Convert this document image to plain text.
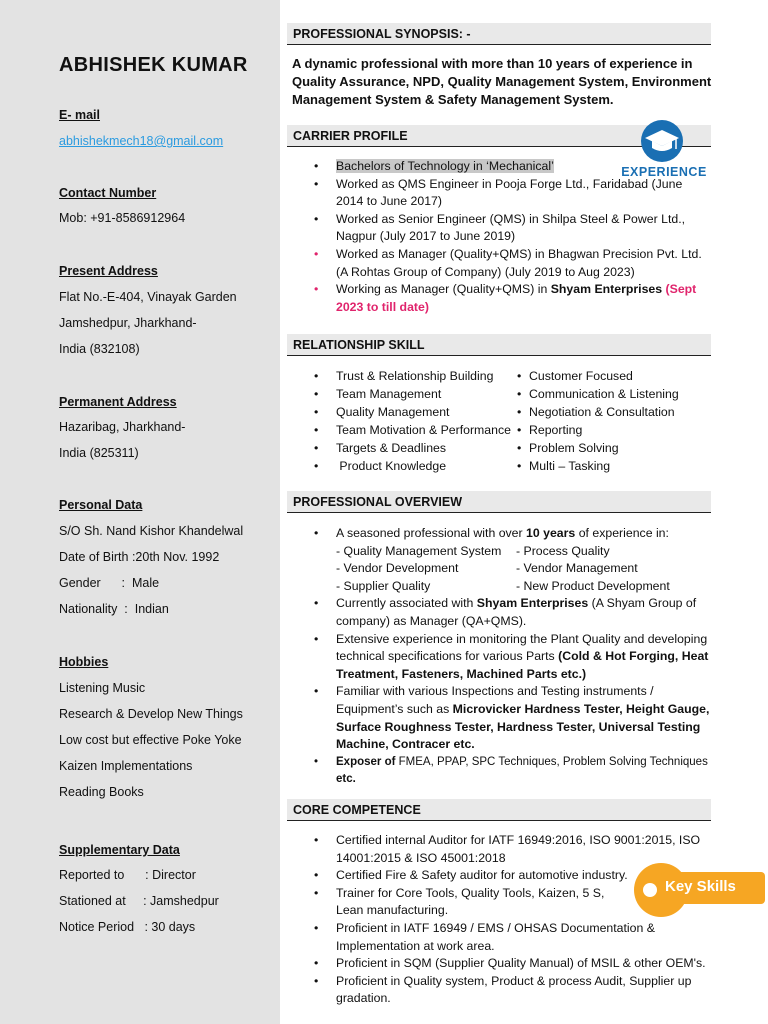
ABHISHEK KUMAR
E- mail
abhishekmech18@gmail.com
Contact Number
Mob: +91-8586912964
Present Address
Flat No.-E-404, Vinayak Garden
Jamshedpur, Jharkhand-
India (832108)
Permanent Address
Hazaribag, Jharkhand-
India (825311)
Personal Data
S/O Sh. Nand Kishor Khandelwal
Date of Birth :20th Nov. 1992
Gender      :  Male
Nationality  :  Indian
Hobbies
Listening Music
Research & Develop New Things
Low cost but effective Poke Yoke
Kaizen Implementations
Reading Books
Supplementary Data
Reported to      : Director
Stationed at     : Jamshedpur
Notice Period   : 30 days
PROFESSIONAL SYNOPSIS: -
A dynamic professional with more than 10 years of experience in Quality Assurance, NPD, Quality Management System, Environment Management System & Safety Management System.
CARRIER PROFILE
EXPERIENCE
• Bachelors of Technology in ‘Mechanical’
• Worked as QMS Engineer in Pooja Forge Ltd., Faridabad (June 2014 to June 2017)
• Worked as Senior Engineer (QMS) in Shilpa Steel & Power Ltd., Nagpur (July 2017 to June 2019)
• Worked as Manager (Quality+QMS) in Bhagwan Precision Pvt. Ltd. (A Rohtas Group of Company) (July 2019 to Aug 2023)
• Working as Manager (Quality+QMS) in Shyam Enterprises (Sept 2023 to till date)
RELATIONSHIP SKILL
• Trust & Relationship Building	• Customer Focused
• Team Management	• Communication & Listening
• Quality Management	• Negotiation & Consultation
• Team Motivation & Performance	• Reporting
• Targets & Deadlines	• Problem Solving
•  Product Knowledge	• Multi – Tasking
PROFESSIONAL OVERVIEW
• A seasoned professional with over 10 years of experience in:
- Quality Management System	- Process Quality
- Vendor Development	- Vendor Management
- Supplier Quality	- New Product Development
• Currently associated with Shyam Enterprises (A Shyam Group of company) as Manager (QA+QMS).
• Extensive experience in monitoring the Plant Quality and developing technical specifications for various Parts (Cold & Hot Forging, Heat Treatment, Fasteners, Machined Parts etc.)
• Familiar with various Inspections and Testing instruments / Equipment’s such as Microvicker Hardness Tester, Height Gauge, Surface Roughness Tester, Hardness Tester, Universal Testing Machine, Contracer etc.
• Exposer of FMEA, PPAP, SPC Techniques, Problem Solving Techniques etc.
CORE COMPETENCE
Key Skills
• Certified internal Auditor for IATF 16949:2016, ISO 9001:2015, ISO 14001:2015 & ISO 45001:2018
• Certified Fire & Safety auditor for automotive industry.
• Trainer for Core Tools, Quality Tools, Kaizen, 5 S, Lean manufacturing.
• Proficient in IATF 16949 / EMS / OHSAS Documentation & Implementation at work area.
• Proficient in SQM (Supplier Quality Manual) of MSIL & other OEM's.
• Proficient in Quality system, Product & process Audit, Supplier up gradation.
